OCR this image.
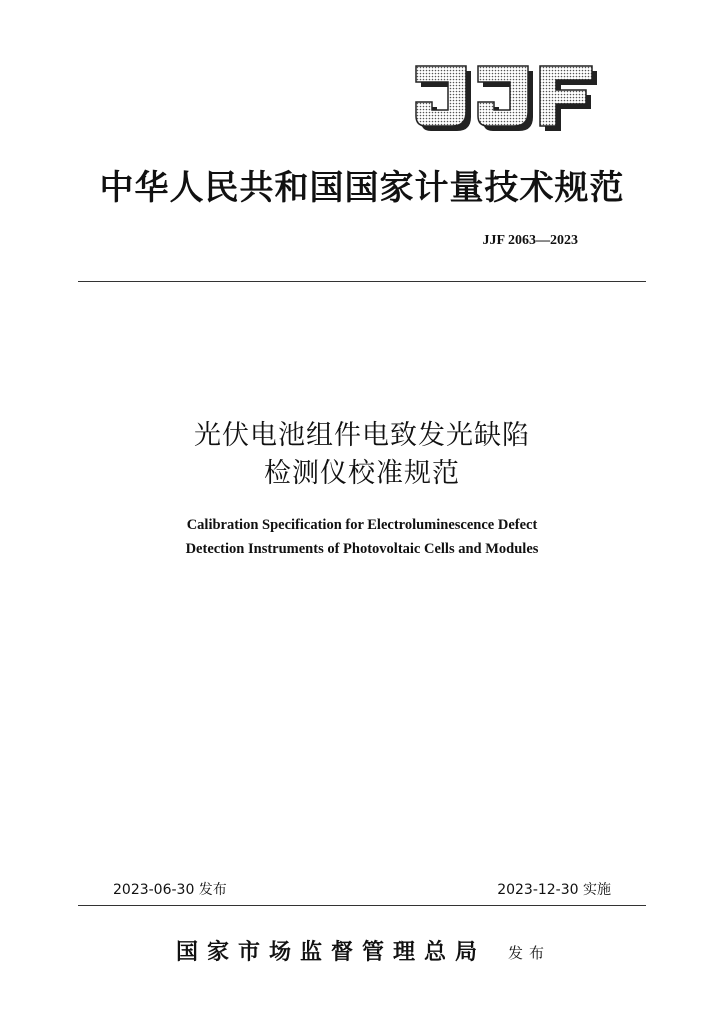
中华人民共和国国家计量技术规范
JJF 2063—2023
光伏电池组件电致发光缺陷
检测仪校准规范
Calibration Specification for Electroluminescence Defect
Detection Instruments of Photovoltaic Cells and Modules
2023-06-30 发布	2023-12-30 实施
国家市场监督管理总局 发布
